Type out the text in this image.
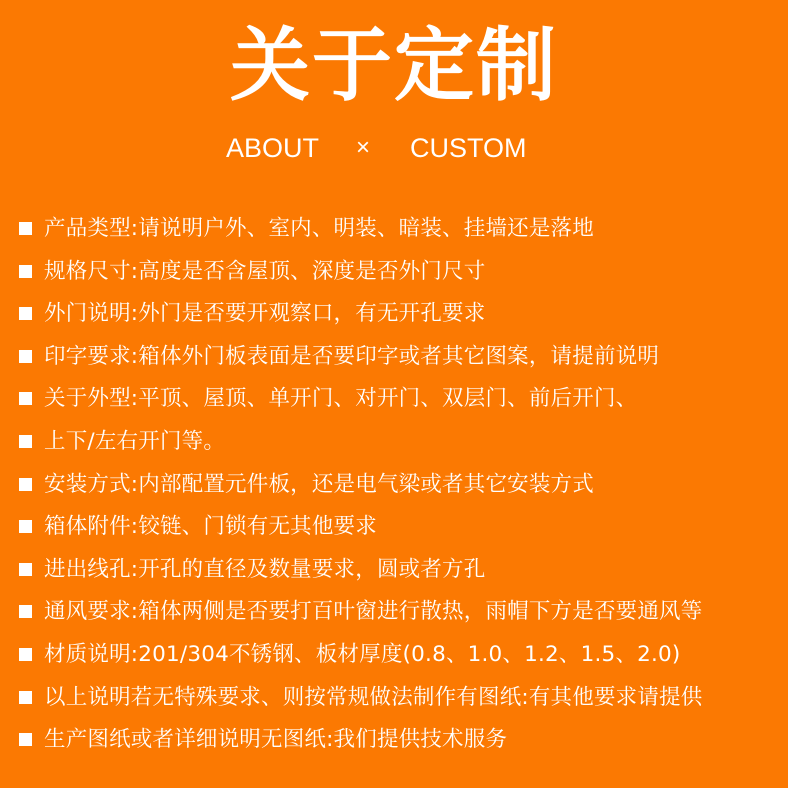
关于定制
ABOUT × CUSTOM
产品类型:请说明户外、室内、明装、暗装、挂墙还是落地
规格尺寸:高度是否含屋顶、深度是否外门尺寸
外门说明:外门是否要开观察口，有无开孔要求
印字要求:箱体外门板表面是否要印字或者其它图案，请提前说明
关于外型:平顶、屋顶、单开门、对开门、双层门、前后开门、
上下/左右开门等。
安装方式:内部配置元件板，还是电气梁或者其它安装方式
箱体附件:铰链、门锁有无其他要求
进出线孔:开孔的直径及数量要求，圆或者方孔
通风要求:箱体两侧是否要打百叶窗进行散热，雨帽下方是否要通风等
材质说明:201/304不锈钢、板材厚度(0.8、1.0、1.2、1.5、2.0)
以上说明若无特殊要求、则按常规做法制作有图纸:有其他要求请提供
生产图纸或者详细说明无图纸:我们提供技术服务
